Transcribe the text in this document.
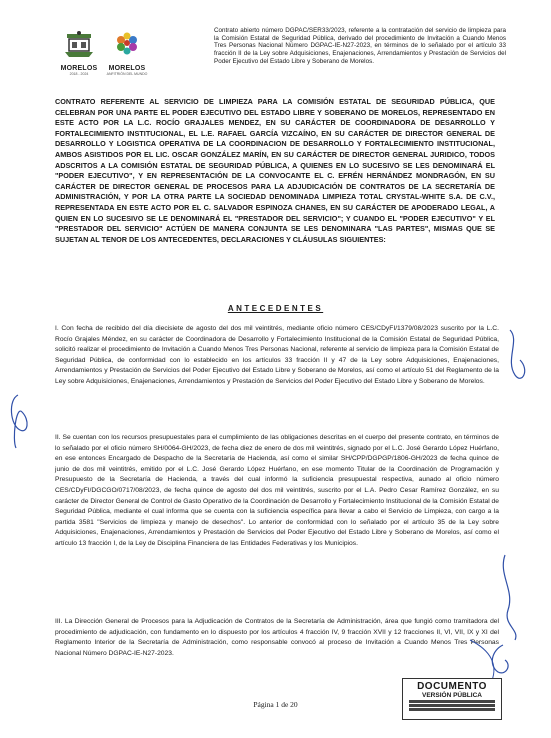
MORELOS
2018 - 2024
MORELOS
ANFITRIÓN DEL MUNDO
Contrato abierto número DGPAC/SER33/2023, referente a la contratación del servicio de limpieza para la Comisión Estatal de Seguridad Pública, derivado del procedimiento de Invitación a Cuando Menos Tres Personas Nacional Número DGPAC-IE-N27-2023, en términos de lo señalado por el artículo 33 fracción II de la Ley sobre Adquisiciones, Enajenaciones, Arrendamientos y Prestación de Servicios del Poder Ejecutivo del Estado Libre y Soberano de Morelos.
CONTRATO REFERENTE AL SERVICIO DE LIMPIEZA PARA LA COMISIÓN ESTATAL DE SEGURIDAD PÚBLICA, QUE CELEBRAN POR UNA PARTE EL PODER EJECUTIVO DEL ESTADO LIBRE Y SOBERANO DE MORELOS, REPRESENTADO EN ESTE ACTO POR LA L.C. ROCÍO GRAJALES MENDEZ, EN SU CARÁCTER DE COORDINADORA DE DESARROLLO Y FORTALECIMIENTO INSTITUCIONAL, EL L.E. RAFAEL GARCÍA VIZCAÍNO, EN SU CARÁCTER DE DIRECTOR GENERAL DE DESARROLLO Y LOGISTICA OPERATIVA DE LA COORDINACION DE DESARROLLO Y FORTALECIMIENTO INSTITUCIONAL, AMBOS ASISTIDOS POR EL LIC. OSCAR GONZÁLEZ MARÍN, EN SU CARÁCTER DE DIRECTOR GENERAL JURIDICO, TODOS ADSCRITOS A LA COMISIÓN ESTATAL DE SEGURIDAD PÚBLICA, A QUIENES EN LO SUCESIVO SE LES DENOMINARÁ EL "PODER EJECUTIVO", Y EN REPRESENTACIÓN DE LA CONVOCANTE EL C. EFRÉN HERNÁNDEZ MONDRAGÓN, EN SU CARÁCTER DE DIRECTOR GENERAL DE PROCESOS PARA LA ADJUDICACIÓN DE CONTRATOS DE LA SECRETARÍA DE ADMINISTRACIÓN, Y POR LA OTRA PARTE LA SOCIEDAD DENOMINADA LIMPIEZA TOTAL CRYSTAL-WHITE S.A. DE C.V., REPRESENTADA EN ESTE ACTO POR EL C. SALVADOR ESPINOZA CHANES, EN SU CARÁCTER DE APODERADO LEGAL, A QUIEN EN LO SUCESIVO SE LE DENOMINARÁ EL "PRESTADOR DEL SERVICIO"; Y CUANDO EL "PODER EJECUTIVO" Y EL "PRESTADOR DEL SERVICIO" ACTÚEN DE MANERA CONJUNTA SE LES DENOMINARA "LAS PARTES", MISMAS QUE SE SUJETAN AL TENOR DE LOS ANTECEDENTES, DECLARACIONES Y CLÁUSULAS SIGUIENTES:
ANTECEDENTES
I. Con fecha de recibido del día diecisiete de agosto del dos mil veintitrés, mediante oficio número CES/CDyFI/1379/08/2023 suscrito por la L.C. Rocío Grajales Méndez, en su carácter de Coordinadora de Desarrollo y Fortalecimiento Institucional de la Comisión Estatal de Seguridad Pública, solicitó realizar el procedimiento de Invitación a Cuando Menos Tres Personas Nacional, referente al servicio de limpieza para la Comisión Estatal de Seguridad Pública, de conformidad con lo establecido en los artículos 33 fracción II y 47 de la Ley sobre Adquisiciones, Enajenaciones, Arrendamientos y Prestación de Servicios del Poder Ejecutivo del Estado Libre y Soberano de Morelos, así como el artículo 51 del Reglamento de la Ley sobre Adquisiciones, Enajenaciones, Arrendamientos y Prestación de Servicios del Poder Ejecutivo del Estado Libre y Soberano de Morelos.
II. Se cuentan con los recursos presupuestales para el cumplimiento de las obligaciones descritas en el cuerpo del presente contrato, en términos de lo señalado por el oficio número SH/0064-GH/2023, de fecha diez de enero de dos mil veintitrés, signado por el L.C. José Gerardo López Huérfano, en ese entonces Encargado de Despacho de la Secretaría de Hacienda, así como el similar SH/CPP/DGPGP/1806-GH/2023 de fecha quince de junio de dos mil veintitrés, emitido por el L.C. José Gerardo López Huérfano, en ese momento Titular de la Coordinación de Programación y Presupuesto de la Secretaría de Hacienda, a través del cual informó la suficiencia presupuestal respectiva, aunado al oficio número CES/CDyFI/DGCGO/0717/08/2023, de fecha quince de agosto del dos mil veintitrés, suscrito por el L.A. Pedro Cesar Ramírez González, en su carácter de Director General de Control de Gasto Operativo de la Coordinación de Desarrollo y Fortalecimiento Institucional de la Comisión Estatal de Seguridad Pública, mediante el cual informa que se cuenta con la suficiencia específica para llevar a cabo el Servicio de Limpieza, con cargo a la partida 3581 "Servicios de limpieza y manejo de desechos". Lo anterior de conformidad con lo señalado por el artículo 35 de la Ley sobre Adquisiciones, Enajenaciones, Arrendamientos y Prestación de Servicios del Poder Ejecutivo del Estado Libre y Soberano de Morelos, así como el artículo 13 fracción I, de la Ley de Disciplina Financiera de las Entidades Federativas y los Municipios.
III. La Dirección General de Procesos para la Adjudicación de Contratos de la Secretaría de Administración, área que fungió como tramitadora del procedimiento de adjudicación, con fundamento en lo dispuesto por los artículos 4 fracción IV, 9 fracción XVII y 12 fracciones II, VI, VII, IX y XI del Reglamento Interior de la Secretaría de Administración, como responsable convocó al proceso de Invitación a Cuando Menos Tres Personas Nacional Número DGPAC-IE-N27-2023.
DOCUMENTO
VERSIÓN PÚBLICA
Página 1 de 20
